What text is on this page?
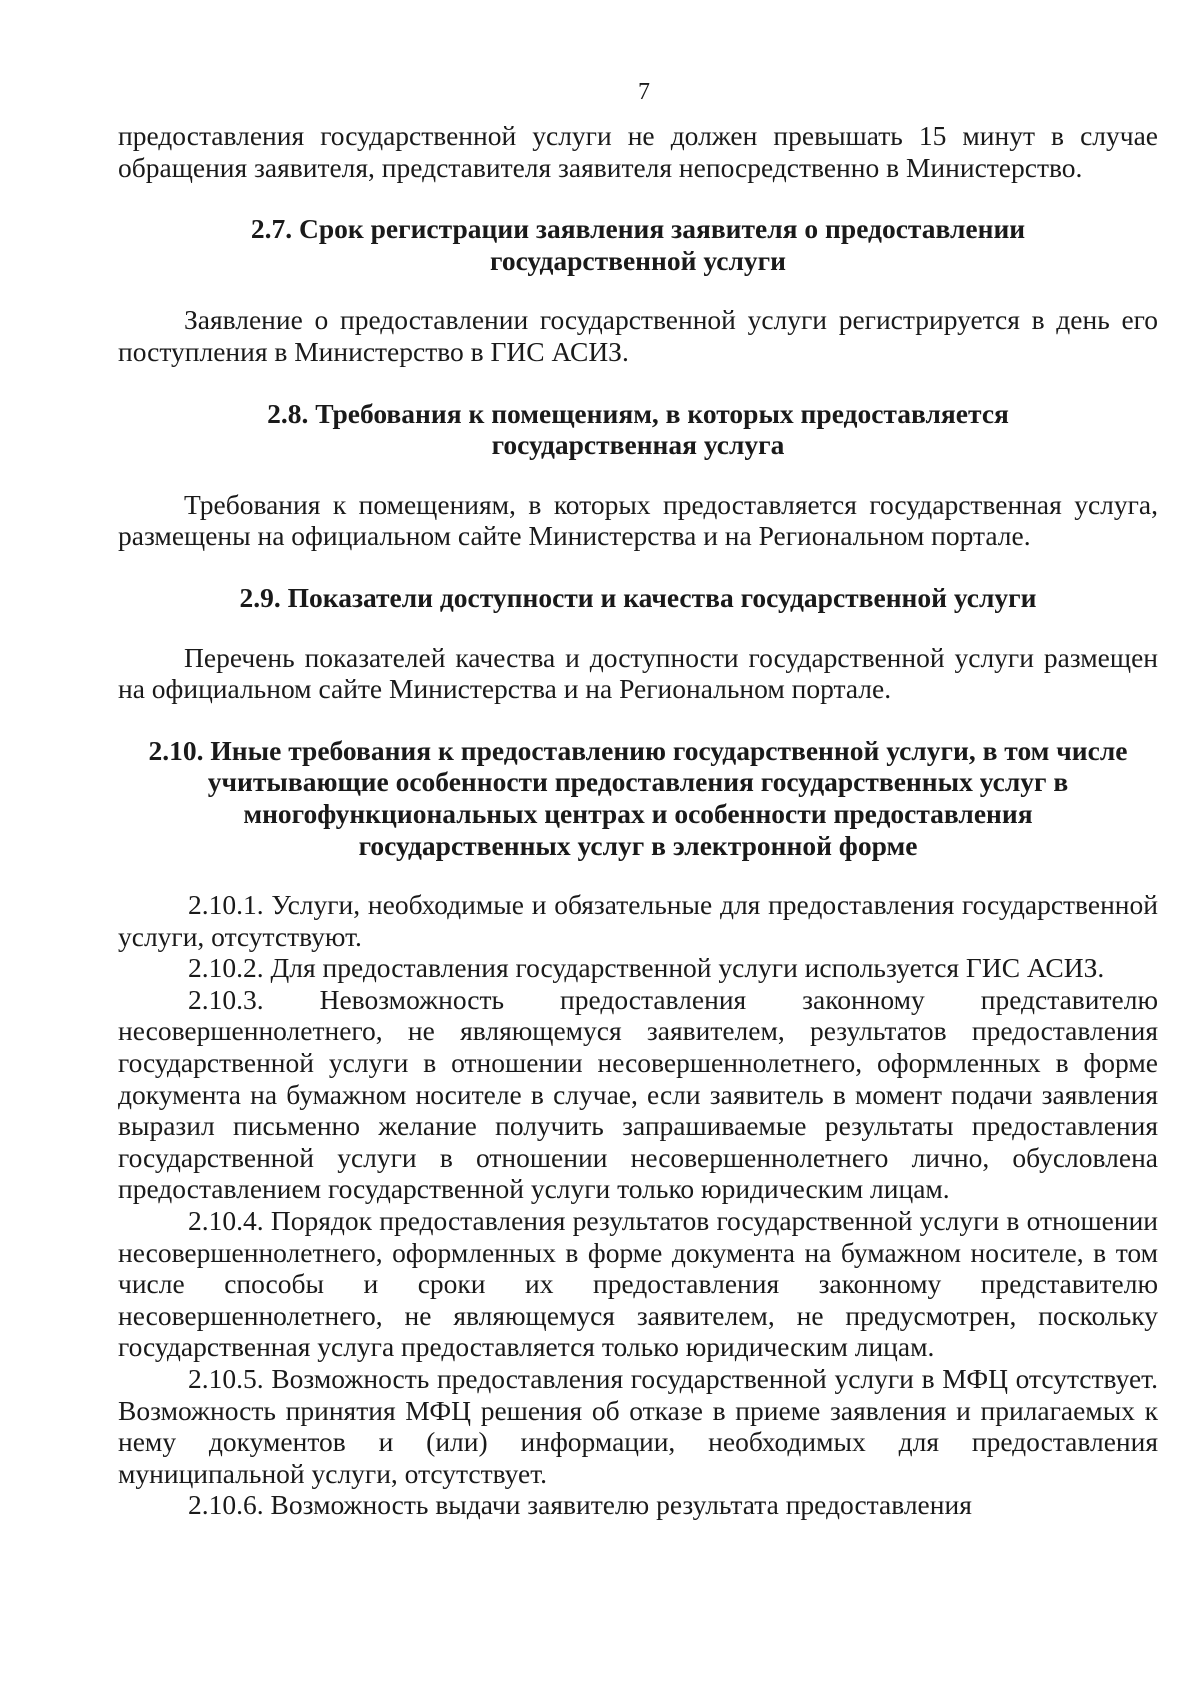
7

предоставления государственной услуги не должен превышать 15 минут в случае обращения заявителя, представителя заявителя непосредственно в Министерство.

2.7. Срок регистрации заявления заявителя о предоставлении
государственной услуги

Заявление о предоставлении государственной услуги регистрируется в день его поступления в Министерство в ГИС АСИЗ.

2.8. Требования к помещениям, в которых предоставляется
государственная услуга

Требования к помещениям, в которых предоставляется государственная услуга, размещены на официальном сайте Министерства и на Региональном портале.

2.9. Показатели доступности и качества государственной услуги

Перечень показателей качества и доступности государственной услуги размещен на официальном сайте Министерства и на Региональном портале.

2.10. Иные требования к предоставлению государственной услуги, в том числе
учитывающие особенности предоставления государственных услуг в
многофункциональных центрах и особенности предоставления
государственных услуг в электронной форме

2.10.1. Услуги, необходимые и обязательные для предоставления государственной услуги, отсутствуют.

2.10.2. Для предоставления государственной услуги используется ГИС АСИЗ.

2.10.3. Невозможность предоставления законному представителю несовершеннолетнего, не являющемуся заявителем, результатов предоставления государственной услуги в отношении несовершеннолетнего, оформленных в форме документа на бумажном носителе в случае, если заявитель в момент подачи заявления выразил письменно желание получить запрашиваемые результаты предоставления государственной услуги в отношении несовершеннолетнего лично, обусловлена предоставлением государственной услуги только юридическим лицам.

2.10.4. Порядок предоставления результатов государственной услуги в отношении несовершеннолетнего, оформленных в форме документа на бумажном носителе, в том числе способы и сроки их предоставления законному представителю несовершеннолетнего, не являющемуся заявителем, не предусмотрен, поскольку государственная услуга предоставляется только юридическим лицам.

2.10.5. Возможность предоставления государственной услуги в МФЦ отсутствует. Возможность принятия МФЦ решения об отказе в приеме заявления и прилагаемых к нему документов и (или) информации, необходимых для предоставления муниципальной услуги, отсутствует.

2.10.6. Возможность выдачи заявителю результата предоставления
